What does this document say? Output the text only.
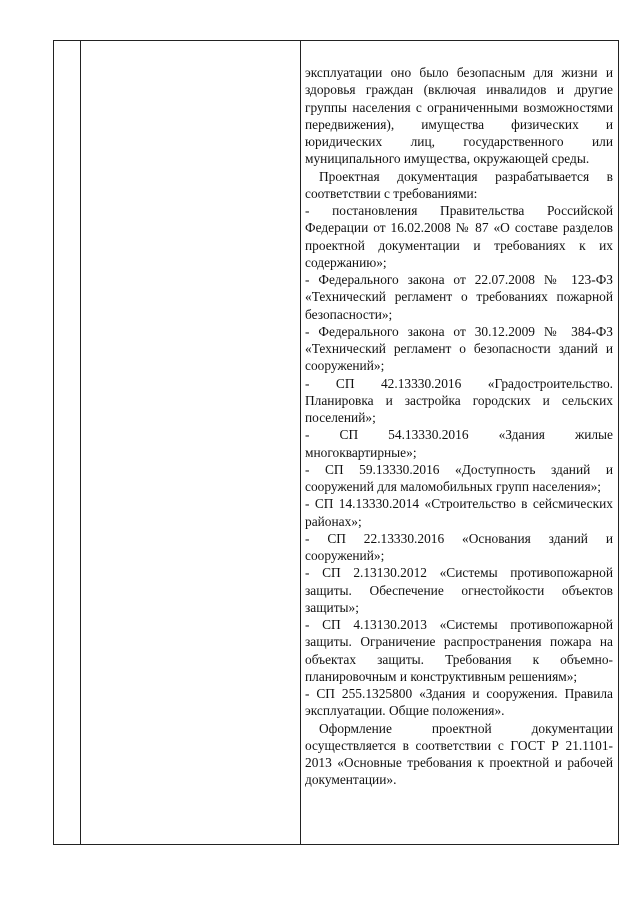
эксплуатации оно было безопасным для жизни и здоровья граждан (включая инвалидов и другие группы населения с ограниченными возможностями передвижения), имущества физических и юридических лиц, государственного или муниципального имущества, окружающей среды.

Проектная документация разрабатывается в соответствии с требованиями:

- постановления Правительства Российской Федерации от 16.02.2008 № 87 «О составе разделов проектной документации и требованиях к их содержанию»;

- Федерального закона от 22.07.2008 № 123-ФЗ «Технический регламент о требованиях пожарной безопасности»;

- Федерального закона от 30.12.2009 № 384-ФЗ «Технический регламент о безопасности зданий и сооружений»;

- СП 42.13330.2016 «Градостроительство. Планировка и застройка городских и сельских поселений»;

- СП 54.13330.2016 «Здания жилые многоквартирные»;

- СП 59.13330.2016 «Доступность зданий и сооружений для маломобильных групп населения»;

- СП 14.13330.2014 «Строительство в сейсмических районах»;

- СП 22.13330.2016 «Основания зданий и сооружений»;

- СП 2.13130.2012 «Системы противопожарной защиты. Обеспечение огнестойкости объектов защиты»;

- СП 4.13130.2013 «Системы противопожарной защиты. Ограничение распространения пожара на объектах защиты. Требования к объемно-планировочным и конструктивным решениям»;

- СП 255.1325800 «Здания и сооружения. Правила эксплуатации. Общие положения».

Оформление проектной документации осуществляется в соответствии с ГОСТ Р 21.1101-2013 «Основные требования к проектной и рабочей документации».
